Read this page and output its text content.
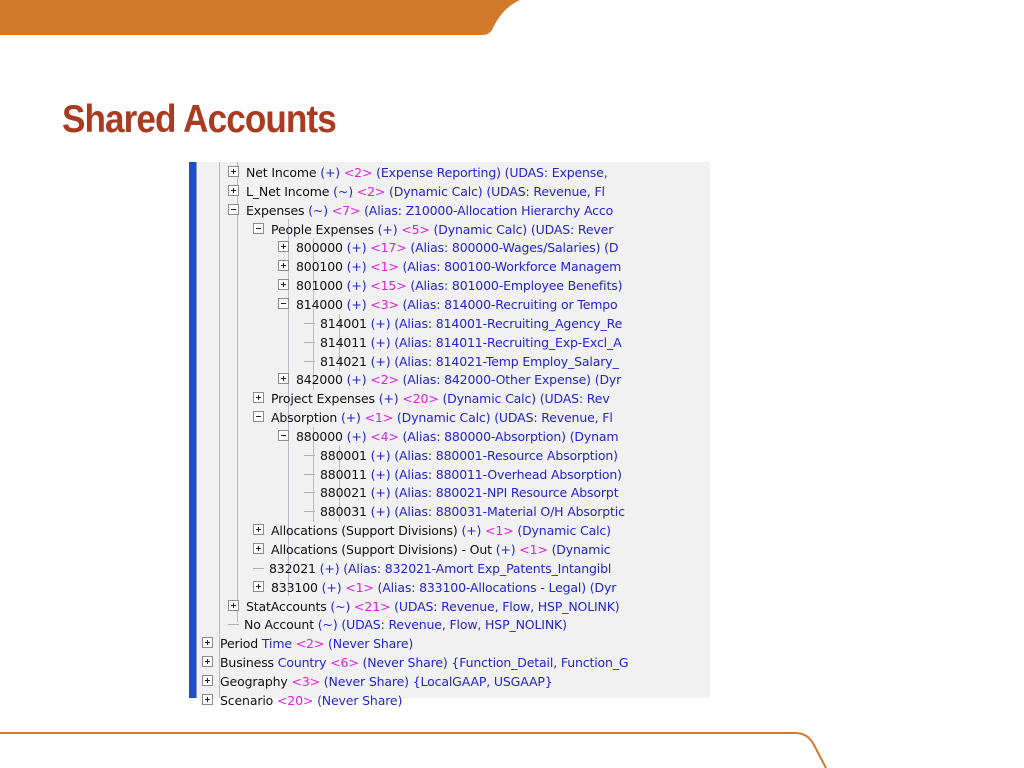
Shared Accounts
Net Income (+) <2> (Expense Reporting) (UDAS: Expense,
L_Net Income (~) <2> (Dynamic Calc) (UDAS: Revenue, Fl
Expenses (~) <7> (Alias: Z10000-Allocation Hierarchy Acco
People Expenses (+) <5> (Dynamic Calc) (UDAS: Rever
800000 (+) <17> (Alias: 800000-Wages/Salaries) (D
800100 (+) <1> (Alias: 800100-Workforce Managem
801000 (+) <15> (Alias: 801000-Employee Benefits)
814000 (+) <3> (Alias: 814000-Recruiting or Tempo
814001 (+) (Alias: 814001-Recruiting_Agency_Re
814011 (+) (Alias: 814011-Recruiting_Exp-Excl_A
814021 (+) (Alias: 814021-Temp Employ_Salary_
842000 (+) <2> (Alias: 842000-Other Expense) (Dyr
Project Expenses (+) <20> (Dynamic Calc) (UDAS: Rev
Absorption (+) <1> (Dynamic Calc) (UDAS: Revenue, Fl
880000 (+) <4> (Alias: 880000-Absorption) (Dynam
880001 (+) (Alias: 880001-Resource Absorption)
880011 (+) (Alias: 880011-Overhead Absorption)
880021 (+) (Alias: 880021-NPI Resource Absorpt
880031 (+) (Alias: 880031-Material O/H Absorptic
Allocations (Support Divisions) (+) <1> (Dynamic Calc)
Allocations (Support Divisions) - Out (+) <1> (Dynamic
832021 (+) (Alias: 832021-Amort Exp_Patents_Intangibl
833100 (+) <1> (Alias: 833100-Allocations - Legal) (Dyr
StatAccounts (~) <21> (UDAS: Revenue, Flow, HSP_NOLINK)
No Account (~) (UDAS: Revenue, Flow, HSP_NOLINK)
Period Time <2> (Never Share)
Business Country <6> (Never Share) {Function_Detail, Function_G
Geography <3> (Never Share) {LocalGAAP, USGAAP}
Scenario <20> (Never Share)
